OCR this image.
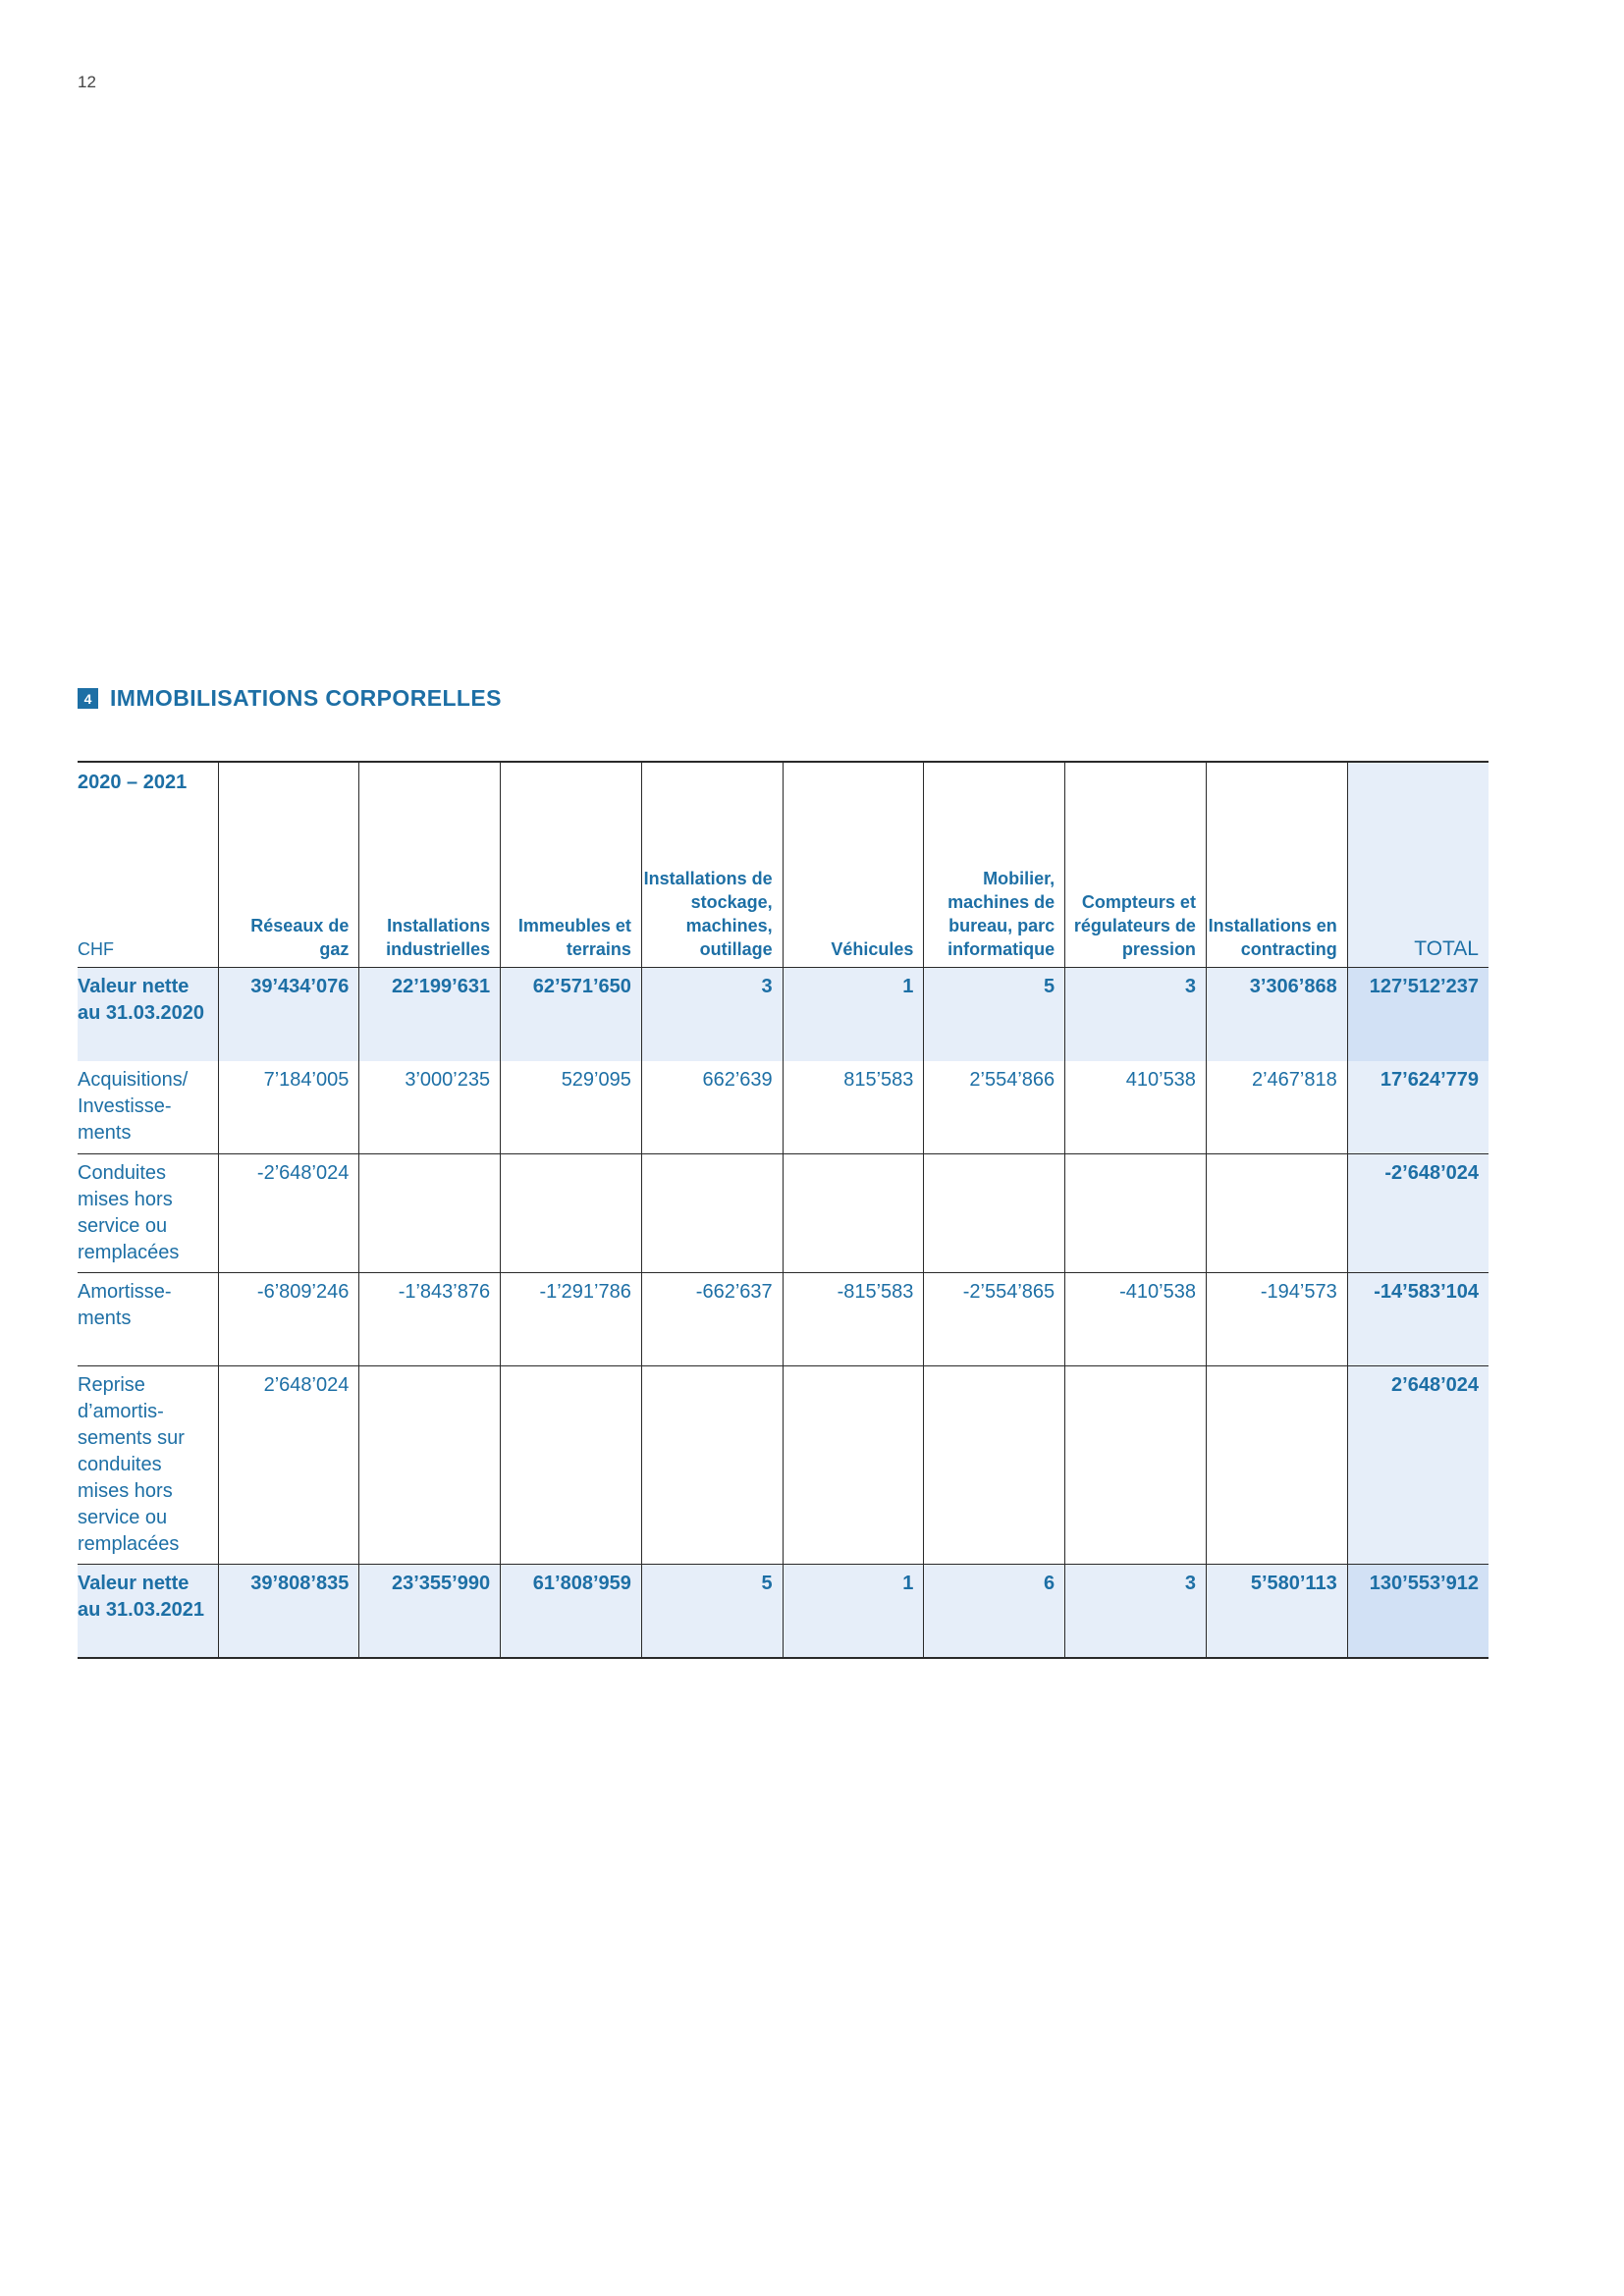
12
4 IMMOBILISATIONS CORPORELLES
2020 – 2021
CHF	Réseaux de gaz	Installations industrielles	Immeubles et terrains	Installations de stockage, machines, outillage	Véhicules	Mobilier, machines de bureau, parc informatique	Compteurs et régulateurs de pression	Installations en contracting	TOTAL
Valeur nette au 31.03.2020	39’434’076	22’199’631	62’571’650	3	1	5	3	3’306’868	127’512’237
Acquisitions/ Investisse-ments	7’184’005	3’000’235	529’095	662’639	815’583	2’554’866	410’538	2’467’818	17’624’779
Conduites mises hors service ou remplacées	-2’648’024								-2’648’024
Amortisse-ments	-6’809’246	-1’843’876	-1’291’786	-662’637	-815’583	-2’554’865	-410’538	-194’573	-14’583’104
Reprise d’amortis-sements sur conduites mises hors service ou remplacées	2’648’024								2’648’024
Valeur nette au 31.03.2021	39’808’835	23’355’990	61’808’959	5	1	6	3	5’580’113	130’553’912
